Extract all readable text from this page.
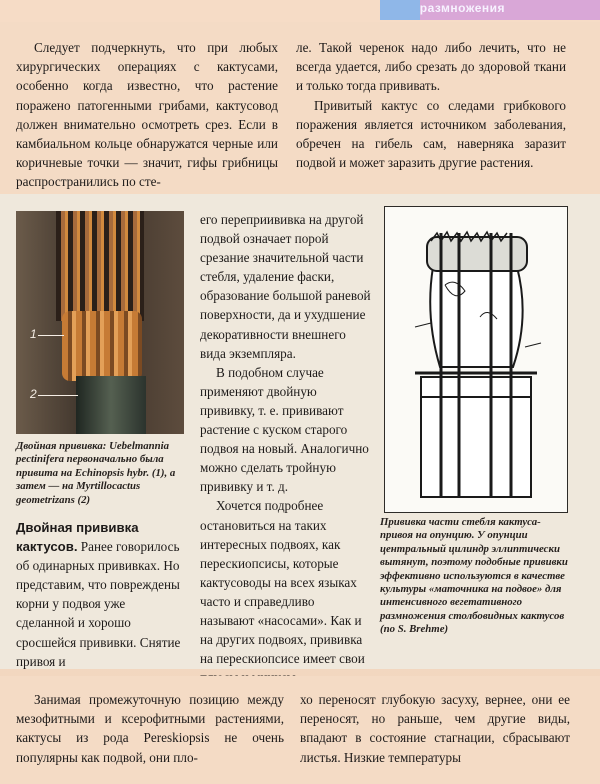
размножения

Следует подчеркнуть, что при любых хирургических операциях с кактусами, особенно когда известно, что растение поражено патогенными грибами, кактусовод должен внимательно осмотреть срез. Если в камбиальном кольце обнаружатся черные или коричневые точки — значит, гифы грибницы распространились по сте-

ле. Такой черенок надо либо лечить, что не всегда удается, либо срезать до здоровой ткани и только тогда прививать.

Привитый кактус со следами грибкового поражения является источником заболевания, обречен на гибель сам, наверняка заразит подвой и может заразить другие растения.

1
2
Двойная прививка: Uebelmannia pectinifera первоначально была привита на Echinopsis hybr. (1), а затем — на Myrtillocactus geometrizans (2)

его переприививка на другой подвой означает порой срезание значительной части стебля, удаление фаски, образование большой раневой поверхности, да и ухудшение декоративности внешнего вида экземпляра.

В подобном случае применяют двойную прививку, т. е. прививают растение с куском старого подвоя на новый. Аналогично можно сделать тройную прививку и т. д.

Хочется подробнее остановиться на таких интересных подвоях, как перескиопсисы, которые кактусоводы на всех языках часто и справедливо называют «насосами». Как и на других подвоях, прививка на перескиопсисе имеет свои

Двойная прививка кактусов. Ранее говорилось об одинарных прививках. Но представим, что повреждены корни у подвоя уже сделанной и хорошо сросшейся прививки. Снятие привоя и

Прививка части стебля кактуса-привоя на опунцию. У опунции центральный цилиндр эллиптически вытянут, поэтому подобные прививки эффективно используются в качестве культуры «маточника на подвое» для интенсивного вегетативного размножения столбовидных кактусов (по S. Brehme)

Занимая промежуточную позицию между мезофитными и ксерофитными растениями, кактусы из рода Pereskiopsis не очень популярны как подвой, они пло-

хо переносят глубокую засуху, вернее, они ее переносят, но раньше, чем другие виды, впадают в состояние стагнации, сбрасывают листья. Низкие температуры
